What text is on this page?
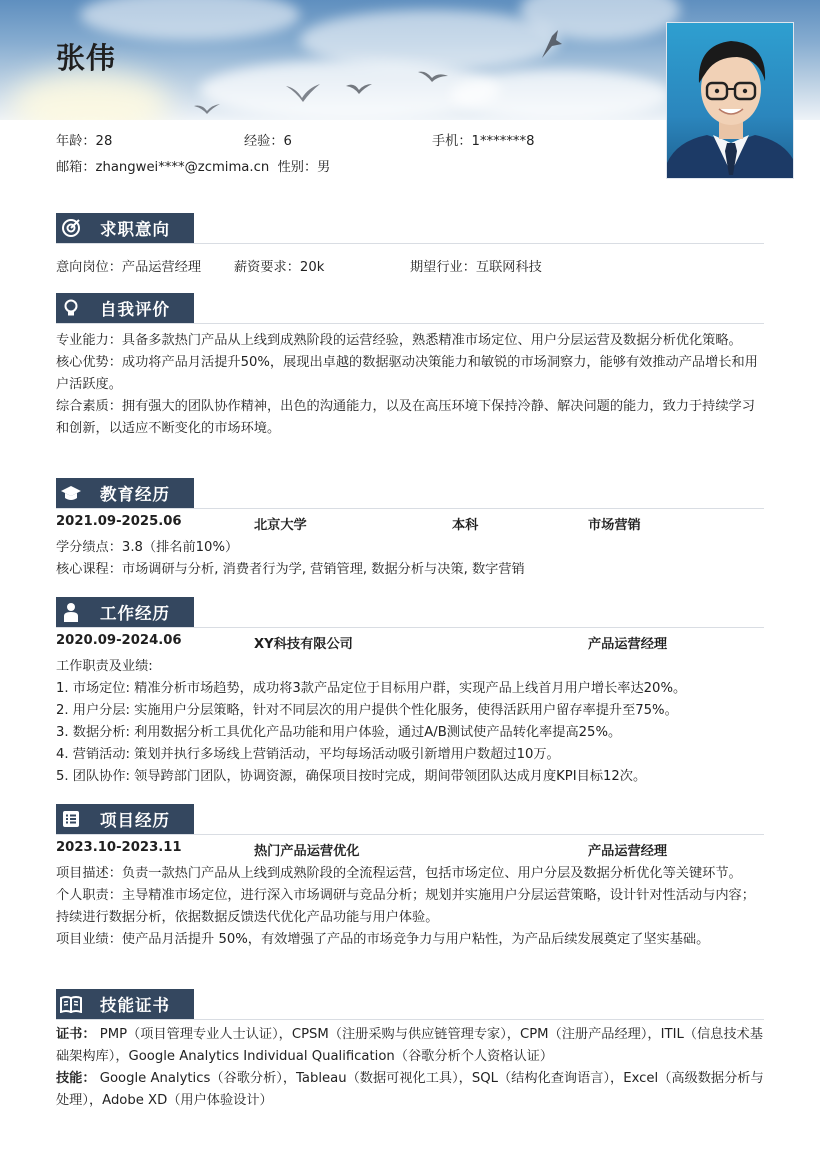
张伟
年龄：28	经验：6	手机：1*******8
邮箱：zhangwei****@zcmima.cn 性别：男
求职意向
意向岗位：产品运营经理 薪资要求：20k	期望行业：互联网科技
自我评价

专业能力：具备多款热门产品从上线到成熟阶段的运营经验，熟悉精准市场定位、用户分层运营及数据分析优化策略。

核心优势：成功将产品月活提升50%，展现出卓越的数据驱动决策能力和敏锐的市场洞察力，能够有效推动产品增长和用户活跃度。

综合素质：拥有强大的团队协作精神，出色的沟通能力，以及在高压环境下保持冷静、解决问题的能力，致力于持续学习和创新，以适应不断变化的市场环境。

教育经历
2021.09-2025.06	北京大学	本科	市场营销

学分绩点：3.8（排名前10%）

核心课程：市场调研与分析, 消费者行为学, 营销管理, 数据分析与决策, 数字营销

工作经历
2020.09-2024.06	XY科技有限公司	产品运营经理

工作职责及业绩:

1. 市场定位: 精准分析市场趋势，成功将3款产品定位于目标用户群，实现产品上线首月用户增长率达20%。

2. 用户分层: 实施用户分层策略，针对不同层次的用户提供个性化服务，使得活跃用户留存率提升至75%。

3. 数据分析: 利用数据分析工具优化产品功能和用户体验，通过A/B测试使产品转化率提高25%。

4. 营销活动: 策划并执行多场线上营销活动，平均每场活动吸引新增用户数超过10万。

5. 团队协作: 领导跨部门团队，协调资源，确保项目按时完成，期间带领团队达成月度KPI目标12次。

项目经历
2023.10-2023.11	热门产品运营优化	产品运营经理

项目描述：负责一款热门产品从上线到成熟阶段的全流程运营，包括市场定位、用户分层及数据分析优化等关键环节。

个人职责：主导精准市场定位，进行深入市场调研与竞品分析；规划并实施用户分层运营策略，设计针对性活动与内容；持续进行数据分析，依据数据反馈迭代优化产品功能与用户体验。

项目业绩：使产品月活提升 50%，有效增强了产品的市场竞争力与用户粘性，为产品后续发展奠定了坚实基础。

技能证书

证书： PMP（项目管理专业人士认证），CPSM（注册采购与供应链管理专家），CPM（注册产品经理），ITIL（信息技术基础架构库），Google Analytics Individual Qualification（谷歌分析个人资格认证）

技能： Google Analytics（谷歌分析），Tableau（数据可视化工具），SQL（结构化查询语言），Excel（高级数据分析与处理），Adobe XD（用户体验设计）
